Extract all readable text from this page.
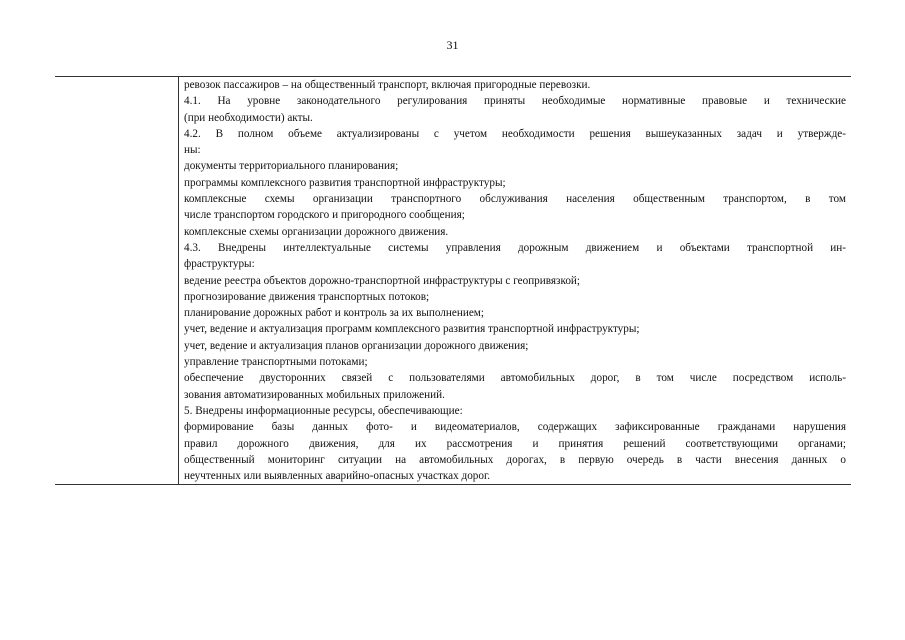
31

ревозок пассажиров – на общественный транспорт, включая пригородные перевозки.
4.1. На уровне законодательного регулирования приняты необходимые нормативные правовые и технические
(при необходимости) акты.
4.2. В полном объеме актуализированы с учетом необходимости решения вышеуказанных задач и утвержде-
ны:
документы территориального планирования;
программы комплексного развития транспортной инфраструктуры;
комплексные схемы организации транспортного обслуживания населения общественным транспортом, в том
числе транспортом городского и пригородного сообщения;
комплексные схемы организации дорожного движения.
4.3. Внедрены интеллектуальные системы управления дорожным движением и объектами транспортной ин-
фраструктуры:
ведение реестра объектов дорожно-транспортной инфраструктуры с геопривязкой;
прогнозирование движения транспортных потоков;
планирование дорожных работ и контроль за их выполнением;
учет, ведение и актуализация программ комплексного развития транспортной инфраструктуры;
учет, ведение и актуализация планов организации дорожного движения;
управление транспортными потоками;
обеспечение двусторонних связей с пользователями автомобильных дорог, в том числе посредством исполь-
зования автоматизированных мобильных приложений.
5. Внедрены информационные ресурсы, обеспечивающие:
формирование базы данных фото- и видеоматериалов, содержащих зафиксированные гражданами нарушения
правил дорожного движения, для их рассмотрения и принятия решений соответствующими органами;
общественный мониторинг ситуации на автомобильных дорогах, в первую очередь в части внесения данных о
неучтенных или выявленных аварийно-опасных участках дорог.
